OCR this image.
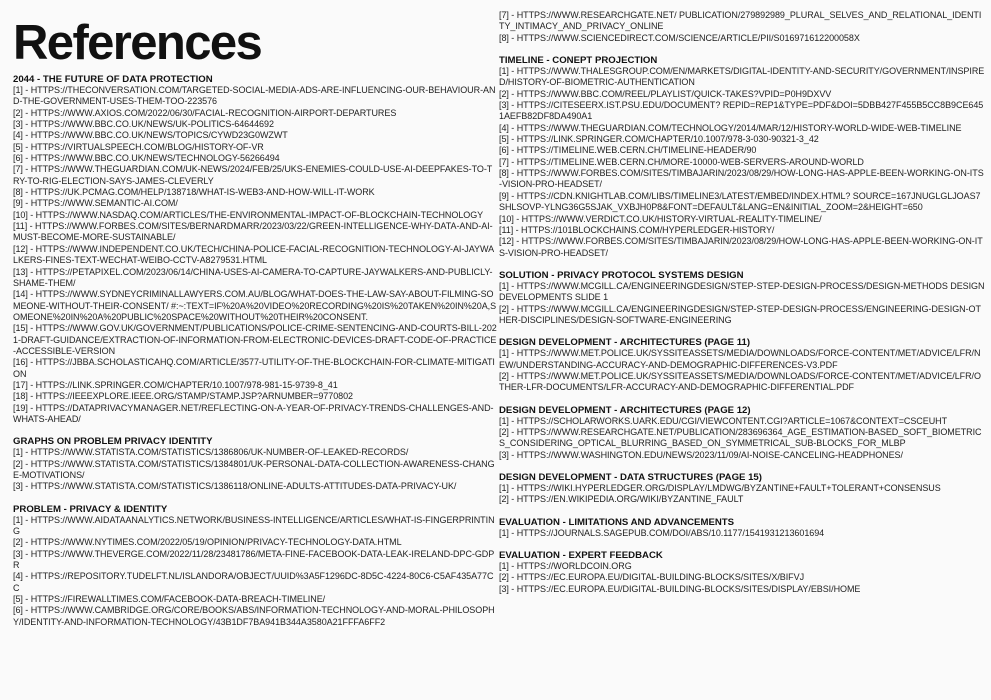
References
2044 - THE FUTURE OF DATA PROTECTION
[1] - HTTPS://THECONVERSATION.COM/TARGETED-SOCIAL-MEDIA-ADS-ARE-INFLUENCING-OUR-BEHAVIOUR-AND-THE-GOVERNMENT-USES-THEM-TOO-223576
[2] - HTTPS://WWW.AXIOS.COM/2022/06/30/FACIAL-RECOGNITION-AIRPORT-DEPARTURES
[3] - HTTPS://WWW.BBC.CO.UK/NEWS/UK-POLITICS-64644692
[4] - HTTPS://WWW.BBC.CO.UK/NEWS/TOPICS/CYWD23G0WZWT
[5] - HTTPS://VIRTUALSPEECH.COM/BLOG/HISTORY-OF-VR
[6] - HTTPS://WWW.BBC.CO.UK/NEWS/TECHNOLOGY-56266494
[7] - HTTPS://WWW.THEGUARDIAN.COM/UK-NEWS/2024/FEB/25/UKS-ENEMIES-COULD-USE-AI-DEEPFAKES-TO-TRY-TO-RIG-ELECTION-SAYS-JAMES-CLEVERLY
[8] - HTTPS://UK.PCMAG.COM/HELP/138718/WHAT-IS-WEB3-AND-HOW-WILL-IT-WORK
[9] - HTTPS://WWW.SEMANTIC-AI.COM/
[10] - HTTPS://WWW.NASDAQ.COM/ARTICLES/THE-ENVIRONMENTAL-IMPACT-OF-BLOCKCHAIN-TECHNOLOGY
[11] - HTTPS://WWW.FORBES.COM/SITES/BERNARDMARR/2023/03/22/GREEN-INTELLIGENCE-WHY-DATA-AND-AI-MUST-BECOME-MORE-SUSTAINABLE/
[12] - HTTPS://WWW.INDEPENDENT.CO.UK/TECH/CHINA-POLICE-FACIAL-RECOGNITION-TECHNOLOGY-AI-JAYWALKERS-FINES-TEXT-WECHAT-WEIBO-CCTV-A8279531.HTML
[13] - HTTPS://PETAPIXEL.COM/2023/06/14/CHINA-USES-AI-CAMERA-TO-CAPTURE-JAYWALKERS-AND-PUBLICLY-SHAME-THEM/
[14] - HTTPS://WWW.SYDNEYCRIMINALLAWYERS.COM.AU/BLOG/WHAT-DOES-THE-LAW-SAY-ABOUT-FILMING-SOMEONE-WITHOUT-THEIR-CONSENT/ #:~:TEXT=IF%20A%20VIDEO%20RECORDING%20IS%20TAKEN%20IN%20A,SOMEONE%20IN%20A%20PUBLIC%20SPACE%20WITHOUT%20THEIR%20CONSENT.
[15] - HTTPS://WWW.GOV.UK/GOVERNMENT/PUBLICATIONS/POLICE-CRIME-SENTENCING-AND-COURTS-BILL-2021-DRAFT-GUIDANCE/EXTRACTION-OF-INFORMATION-FROM-ELECTRONIC-DEVICES-DRAFT-CODE-OF-PRACTICE-ACCESSIBLE-VERSION
[16] - HTTPS://JBBA.SCHOLASTICAHQ.COM/ARTICLE/3577-UTILITY-OF-THE-BLOCKCHAIN-FOR-CLIMATE-MITIGATION
[17] - HTTPS://LINK.SPRINGER.COM/CHAPTER/10.1007/978-981-15-9739-8_41
[18] - HTTPS://IEEEXPLORE.IEEE.ORG/STAMP/STAMP.JSP?ARNUMBER=9770802
[19] - HTTPS://DATAPRIVACYMANAGER.NET/REFLECTING-ON-A-YEAR-OF-PRIVACY-TRENDS-CHALLENGES-AND-WHATS-AHEAD/
GRAPHS ON PROBLEM PRIVACY IDENTITY
[1] - HTTPS://WWW.STATISTA.COM/STATISTICS/1386806/UK-NUMBER-OF-LEAKED-RECORDS/
[2] - HTTPS://WWW.STATISTA.COM/STATISTICS/1384801/UK-PERSONAL-DATA-COLLECTION-AWARENESS-CHANGE-MOTIVATIONS/
[3] - HTTPS://WWW.STATISTA.COM/STATISTICS/1386118/ONLINE-ADULTS-ATTITUDES-DATA-PRIVACY-UK/
PROBLEM - PRIVACY & IDENTITY
[1] - HTTPS://WWW.AIDATAANALYTICS.NETWORK/BUSINESS-INTELLIGENCE/ARTICLES/WHAT-IS-FINGERPRINTING
[2] - HTTPS://WWW.NYTIMES.COM/2022/05/19/OPINION/PRIVACY-TECHNOLOGY-DATA.HTML
[3] - HTTPS://WWW.THEVERGE.COM/2022/11/28/23481786/META-FINE-FACEBOOK-DATA-LEAK-IRELAND-DPC-GDPR
[4] - HTTPS://REPOSITORY.TUDELFT.NL/ISLANDORA/OBJECT/UUID%3A5F1296DC-8D5C-4224-80C6-C5AF435A77CC
[5] - HTTPS://FIREWALLTIMES.COM/FACEBOOK-DATA-BREACH-TIMELINE/
[6] - HTTPS://WWW.CAMBRIDGE.ORG/CORE/BOOKS/ABS/INFORMATION-TECHNOLOGY-AND-MORAL-PHILOSOPHY/IDENTITY-AND-INFORMATION-TECHNOLOGY/43B1DF7BA941B344A3580A21FFFA6FF2
[7] - HTTPS://WWW.RESEARCHGATE.NET/ PUBLICATION/279892989_PLURAL_SELVES_AND_RELATIONAL_IDENTITY_INTIMACY_AND_PRIVACY_ONLINE
[8] - HTTPS://WWW.SCIENCEDIRECT.COM/SCIENCE/ARTICLE/PII/S016971612200058X
TIMELINE - CONEPT PROJECTION
[1] - HTTPS://WWW.THALESGROUP.COM/EN/MARKETS/DIGITAL-IDENTITY-AND-SECURITY/GOVERNMENT/INSPIRED/HISTORY-OF-BIOMETRIC-AUTHENTICATION
[2] - HTTPS://WWW.BBC.COM/REEL/PLAYLIST/QUICK-TAKES?VPID=P0H9DXVV
[3] - HTTPS://CITESEERX.IST.PSU.EDU/DOCUMENT? REPID=REP1&TYPE=PDF&DOI=5DBB427F455B5CC8B9CE6451AEFB82DF8DA490A1
[4] - HTTPS://WWW.THEGUARDIAN.COM/TECHNOLOGY/2014/MAR/12/HISTORY-WORLD-WIDE-WEB-TIMELINE
[5] - HTTPS://LINK.SPRINGER.COM/CHAPTER/10.1007/978-3-030-90321-3_42
[6] - HTTPS://TIMELINE.WEB.CERN.CH/TIMELINE-HEADER/90
[7] - HTTPS://TIMELINE.WEB.CERN.CH/MORE-10000-WEB-SERVERS-AROUND-WORLD
[8] - HTTPS://WWW.FORBES.COM/SITES/TIMBAJARIN/2023/08/29/HOW-LONG-HAS-APPLE-BEEN-WORKING-ON-ITS-VISION-PRO-HEADSET/
[9] - HTTPS://CDN.KNIGHTLAB.COM/LIBS/TIMELINE3/LATEST/EMBED/INDEX.HTML? SOURCE=167JNUGLGLJOAS7SHLSOVP-YLNG36G5SJAK_VXBJH0P8&FONT=DEFAULT&LANG=EN&INITIAL_ZOOM=2&HEIGHT=650
[10] - HTTPS://WWW.VERDICT.CO.UK/HISTORY-VIRTUAL-REALITY-TIMELINE/
[11] - HTTPS://101BLOCKCHAINS.COM/HYPERLEDGER-HISTORY/
[12] - HTTPS://WWW.FORBES.COM/SITES/TIMBAJARIN/2023/08/29/HOW-LONG-HAS-APPLE-BEEN-WORKING-ON-ITS-VISION-PRO-HEADSET/
SOLUTION - PRIVACY PROTOCOL SYSTEMS DESIGN
[1] - HTTPS://WWW.MCGILL.CA/ENGINEERINGDESIGN/STEP-STEP-DESIGN-PROCESS/DESIGN-METHODS DESIGN DEVELOPMENTS SLIDE 1
[2] - HTTPS://WWW.MCGILL.CA/ENGINEERINGDESIGN/STEP-STEP-DESIGN-PROCESS/ENGINEERING-DESIGN-OTHER-DISCIPLINES/DESIGN-SOFTWARE-ENGINEERING
DESIGN DEVELOPMENT - ARCHITECTURES (PAGE 11)
[1] - HTTPS://WWW.MET.POLICE.UK/SYSSITEASSETS/MEDIA/DOWNLOADS/FORCE-CONTENT/MET/ADVICE/LFR/NEW/UNDERSTANDING-ACCURACY-AND-DEMOGRAPHIC-DIFFERENCES-V3.PDF
[2] - HTTPS://WWW.MET.POLICE.UK/SYSSITEASSETS/MEDIA/DOWNLOADS/FORCE-CONTENT/MET/ADVICE/LFR/OTHER-LFR-DOCUMENTS/LFR-ACCURACY-AND-DEMOGRAPHIC-DIFFERENTIAL.PDF
DESIGN DEVELOPMENT - ARCHITECTURES (PAGE 12)
[1] - HTTPS://SCHOLARWORKS.UARK.EDU/CGI/VIEWCONTENT.CGI?ARTICLE=1067&CONTEXT=CSCEUHT
[2] - HTTPS://WWW.RESEARCHGATE.NET/PUBLICATION/283696364_AGE_ESTIMATION-BASED_SOFT_BIOMETRICS_CONSIDERING_OPTICAL_BLURRING_BASED_ON_SYMMETRICAL_SUB-BLOCKS_FOR_MLBP
[3] - HTTPS://WWW.WASHINGTON.EDU/NEWS/2023/11/09/AI-NOISE-CANCELING-HEADPHONES/
DESIGN DEVELOPMENT - DATA STRUCTURES (PAGE 15)
[1] - HTTPS://WIKI.HYPERLEDGER.ORG/DISPLAY/LMDWG/BYZANTINE+FAULT+TOLERANT+CONSENSUS
[2] - HTTPS://EN.WIKIPEDIA.ORG/WIKI/BYZANTINE_FAULT
EVALUATION - LIMITATIONS AND ADVANCEMENTS
[1] - HTTPS://JOURNALS.SAGEPUB.COM/DOI/ABS/10.1177/1541931213601694
EVALUATION - EXPERT FEEDBACK
[1] - HTTPS://WORLDCOIN.ORG
[2] - HTTPS://EC.EUROPA.EU/DIGITAL-BUILDING-BLOCKS/SITES/X/BIFVJ
[3] - HTTPS://EC.EUROPA.EU/DIGITAL-BUILDING-BLOCKS/SITES/DISPLAY/EBSI/HOME
